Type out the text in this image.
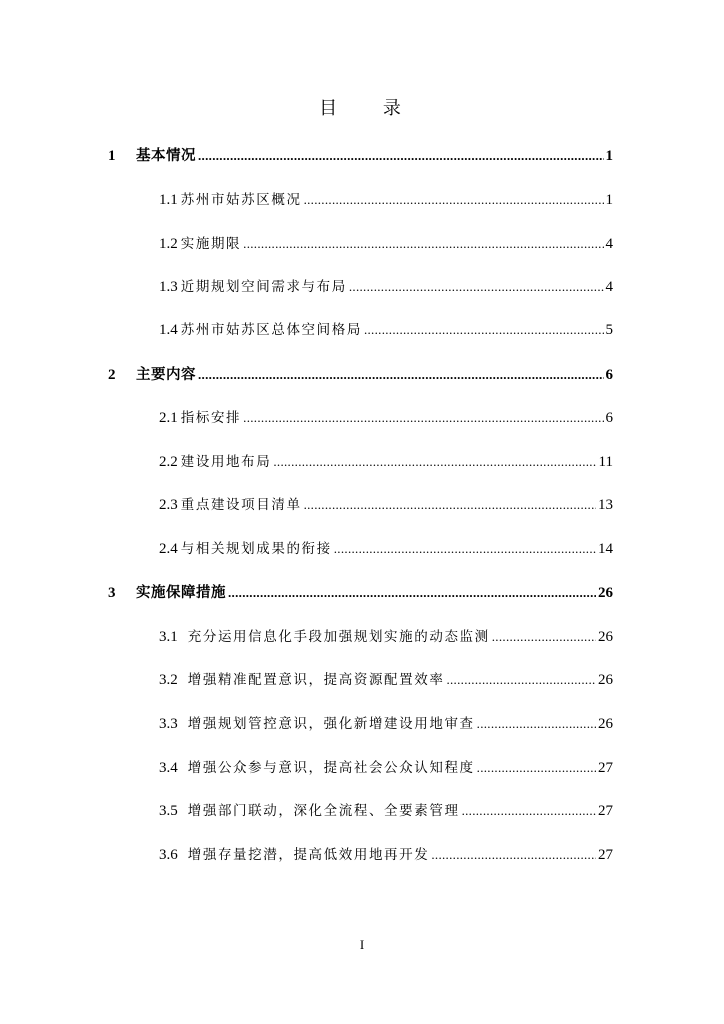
目 录
1	基本情况 .....	1
1.1 苏州市姑苏区概况 .....	1
1.2 实施期限 .....	4
1.3 近期规划空间需求与布局 .....	4
1.4 苏州市姑苏区总体空间格局 .....	5
2	主要内容 .....	6
2.1 指标安排 .....	6
2.2 建设用地布局 .....	11
2.3 重点建设项目清单 .....	13
2.4 与相关规划成果的衔接 .....	14
3	实施保障措施 .....	26
3.1 充分运用信息化手段加强规划实施的动态监测 .....	26
3.2 增强精准配置意识，提高资源配置效率 .....	26
3.3 增强规划管控意识，强化新增建设用地审查 .....	26
3.4 增强公众参与意识，提高社会公众认知程度 .....	27
3.5 增强部门联动，深化全流程、全要素管理 .....	27
3.6 增强存量挖潜，提高低效用地再开发 .....	27
I
